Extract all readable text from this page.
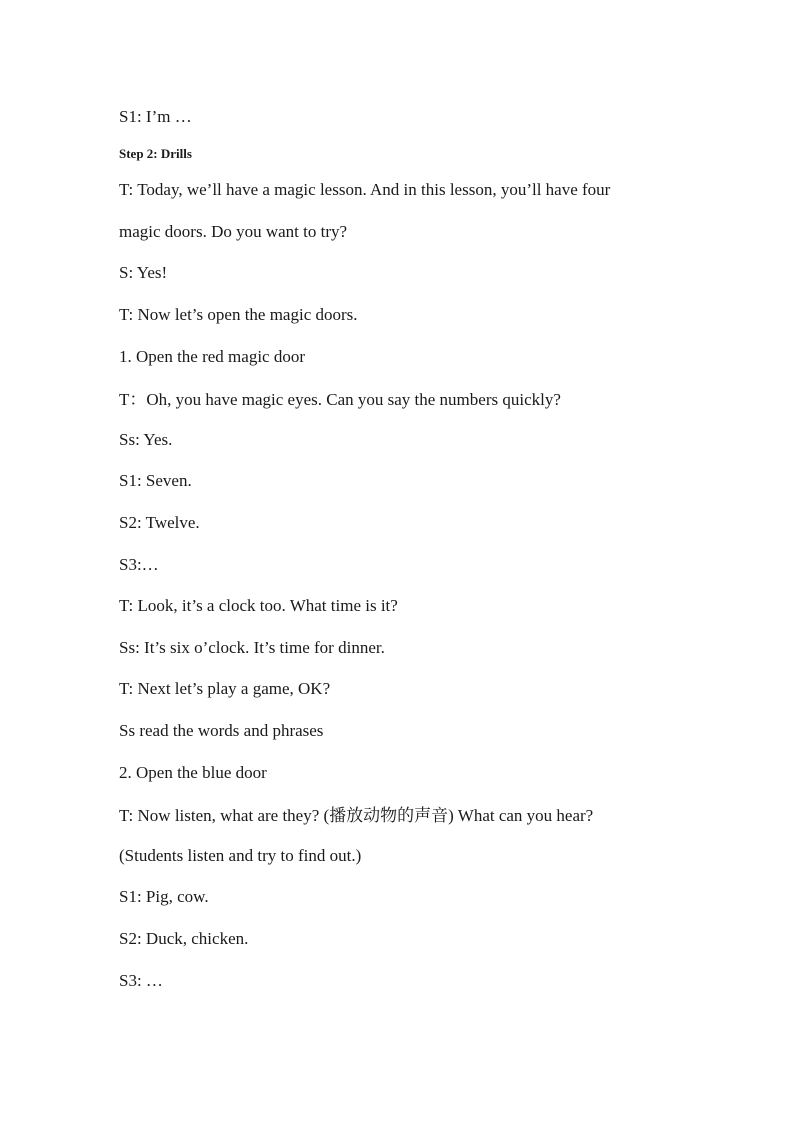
S1: I’m …
Step 2: Drills
T: Today, we’ll have a magic lesson. And in this lesson, you’ll have four
magic doors. Do you want to try?
S: Yes!
T: Now let’s open the magic doors.
1. Open the red magic door
T：Oh, you have magic eyes. Can you say the numbers quickly?
Ss: Yes.
S1: Seven.
S2: Twelve.
S3:…
T: Look, it’s a clock too. What time is it?
Ss: It’s six o’clock. It’s time for dinner.
T: Next let’s play a game, OK?
Ss read the words and phrases
2. Open the blue door
T: Now listen, what are they? (播放动物的声音) What can you hear?
(Students listen and try to find out.)
S1: Pig, cow.
S2: Duck, chicken.
S3: …
